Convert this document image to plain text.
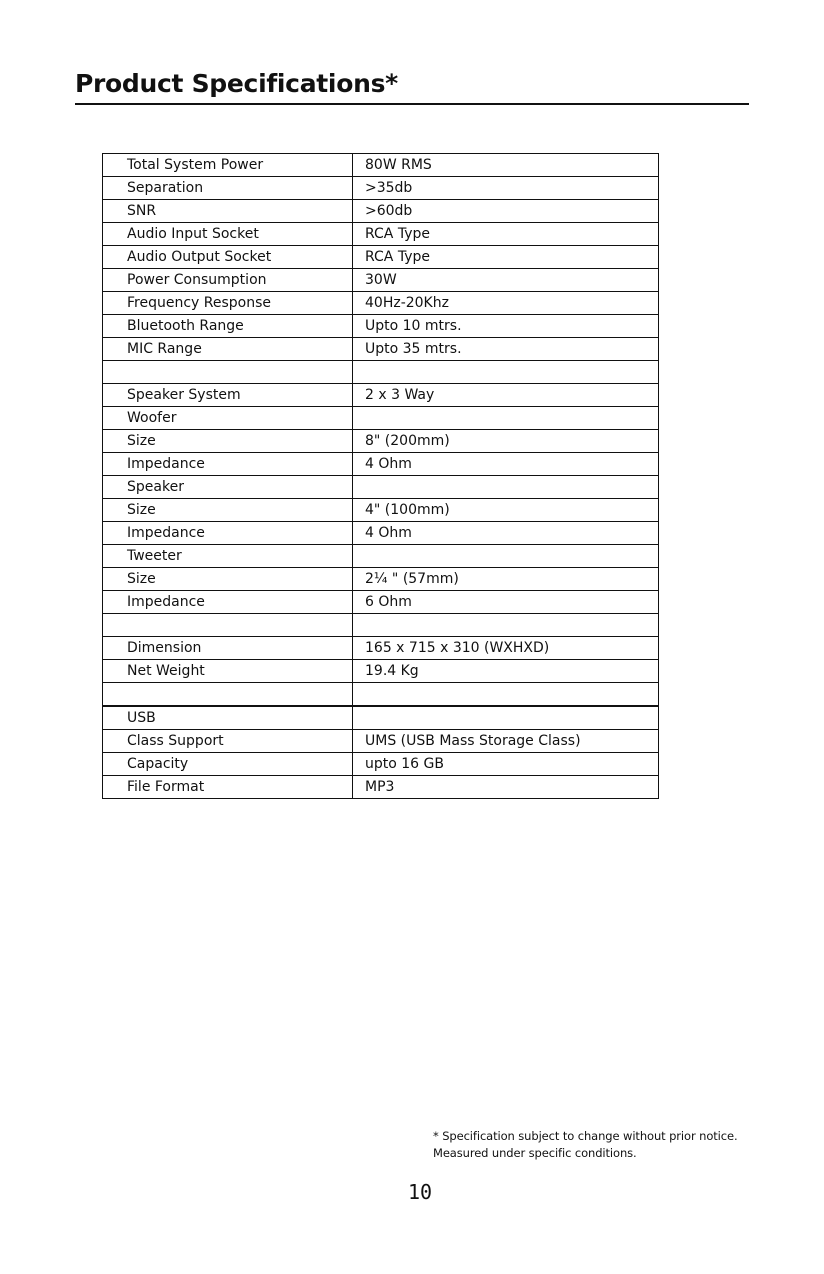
Product Specifications*
Total System Power	80W RMS
Separation	>35db
SNR	>60db
Audio Input Socket	RCA Type
Audio Output Socket	RCA Type
Power Consumption	30W
Frequency Response	40Hz-20Khz
Bluetooth Range	Upto 10 mtrs.
MIC Range	Upto 35 mtrs.

Speaker System	2 x 3 Way
Woofer	
Size	8" (200mm)
Impedance	4 Ohm
Speaker	
Size	4" (100mm)
Impedance	4 Ohm
Tweeter	
Size	2¼ " (57mm)
Impedance	6 Ohm

Dimension	165 x 715 x 310 (WXHXD)
Net Weight	19.4 Kg

USB	
Class Support	UMS (USB Mass Storage Class)
Capacity	upto 16 GB
File Format	MP3
* Specification subject to change without prior notice.
Measured under specific conditions.
10
